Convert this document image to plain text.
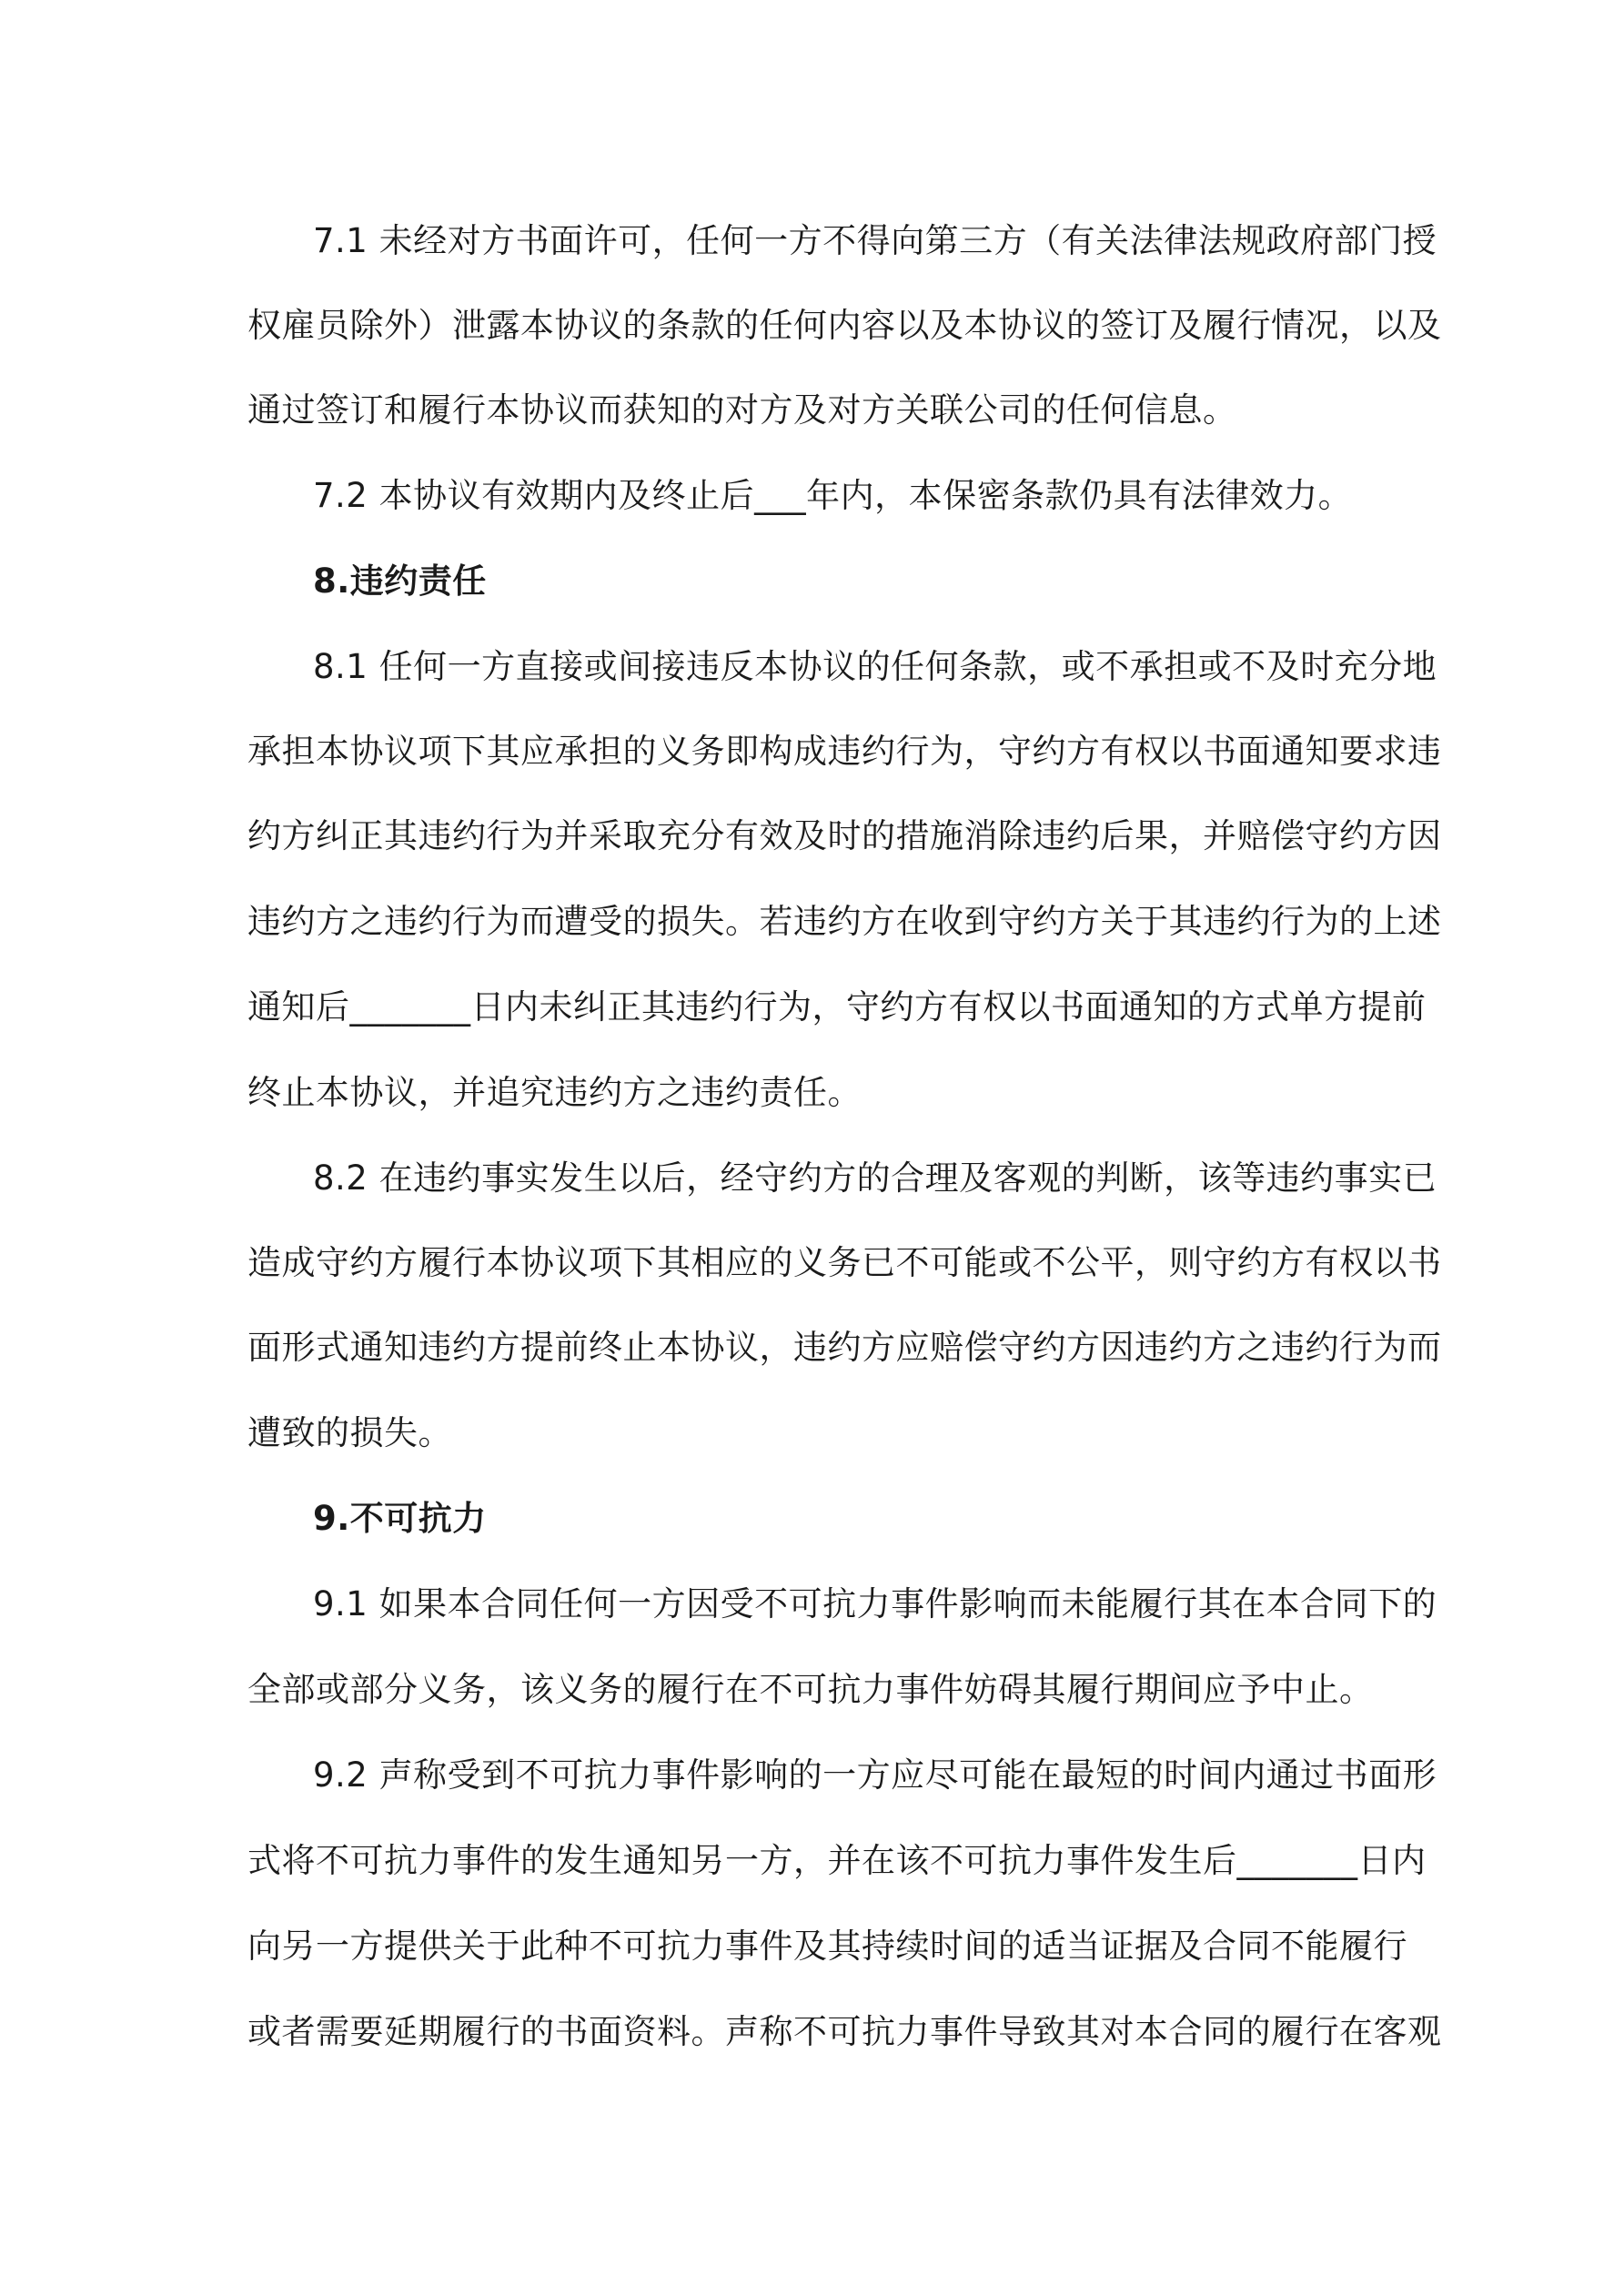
7.1 未经对方书面许可，任何一方不得向第三方（有关法律法规政府部门授
权雇员除外）泄露本协议的条款的任何内容以及本协议的签订及履行情况，以及
通过签订和履行本协议而获知的对方及对方关联公司的任何信息。
7.2 本协议有效期内及终止后___年内，本保密条款仍具有法律效力。
8.违约责任
8.1 任何一方直接或间接违反本协议的任何条款，或不承担或不及时充分地
承担本协议项下其应承担的义务即构成违约行为，守约方有权以书面通知要求违
约方纠正其违约行为并采取充分有效及时的措施消除违约后果，并赔偿守约方因
违约方之违约行为而遭受的损失。若违约方在收到守约方关于其违约行为的上述
通知后_______日内未纠正其违约行为，守约方有权以书面通知的方式单方提前
终止本协议，并追究违约方之违约责任。
8.2 在违约事实发生以后，经守约方的合理及客观的判断，该等违约事实已
造成守约方履行本协议项下其相应的义务已不可能或不公平，则守约方有权以书
面形式通知违约方提前终止本协议，违约方应赔偿守约方因违约方之违约行为而
遭致的损失。
9.不可抗力
9.1 如果本合同任何一方因受不可抗力事件影响而未能履行其在本合同下的
全部或部分义务，该义务的履行在不可抗力事件妨碍其履行期间应予中止。
9.2 声称受到不可抗力事件影响的一方应尽可能在最短的时间内通过书面形
式将不可抗力事件的发生通知另一方，并在该不可抗力事件发生后_______日内
向另一方提供关于此种不可抗力事件及其持续时间的适当证据及合同不能履行
或者需要延期履行的书面资料。声称不可抗力事件导致其对本合同的履行在客观
